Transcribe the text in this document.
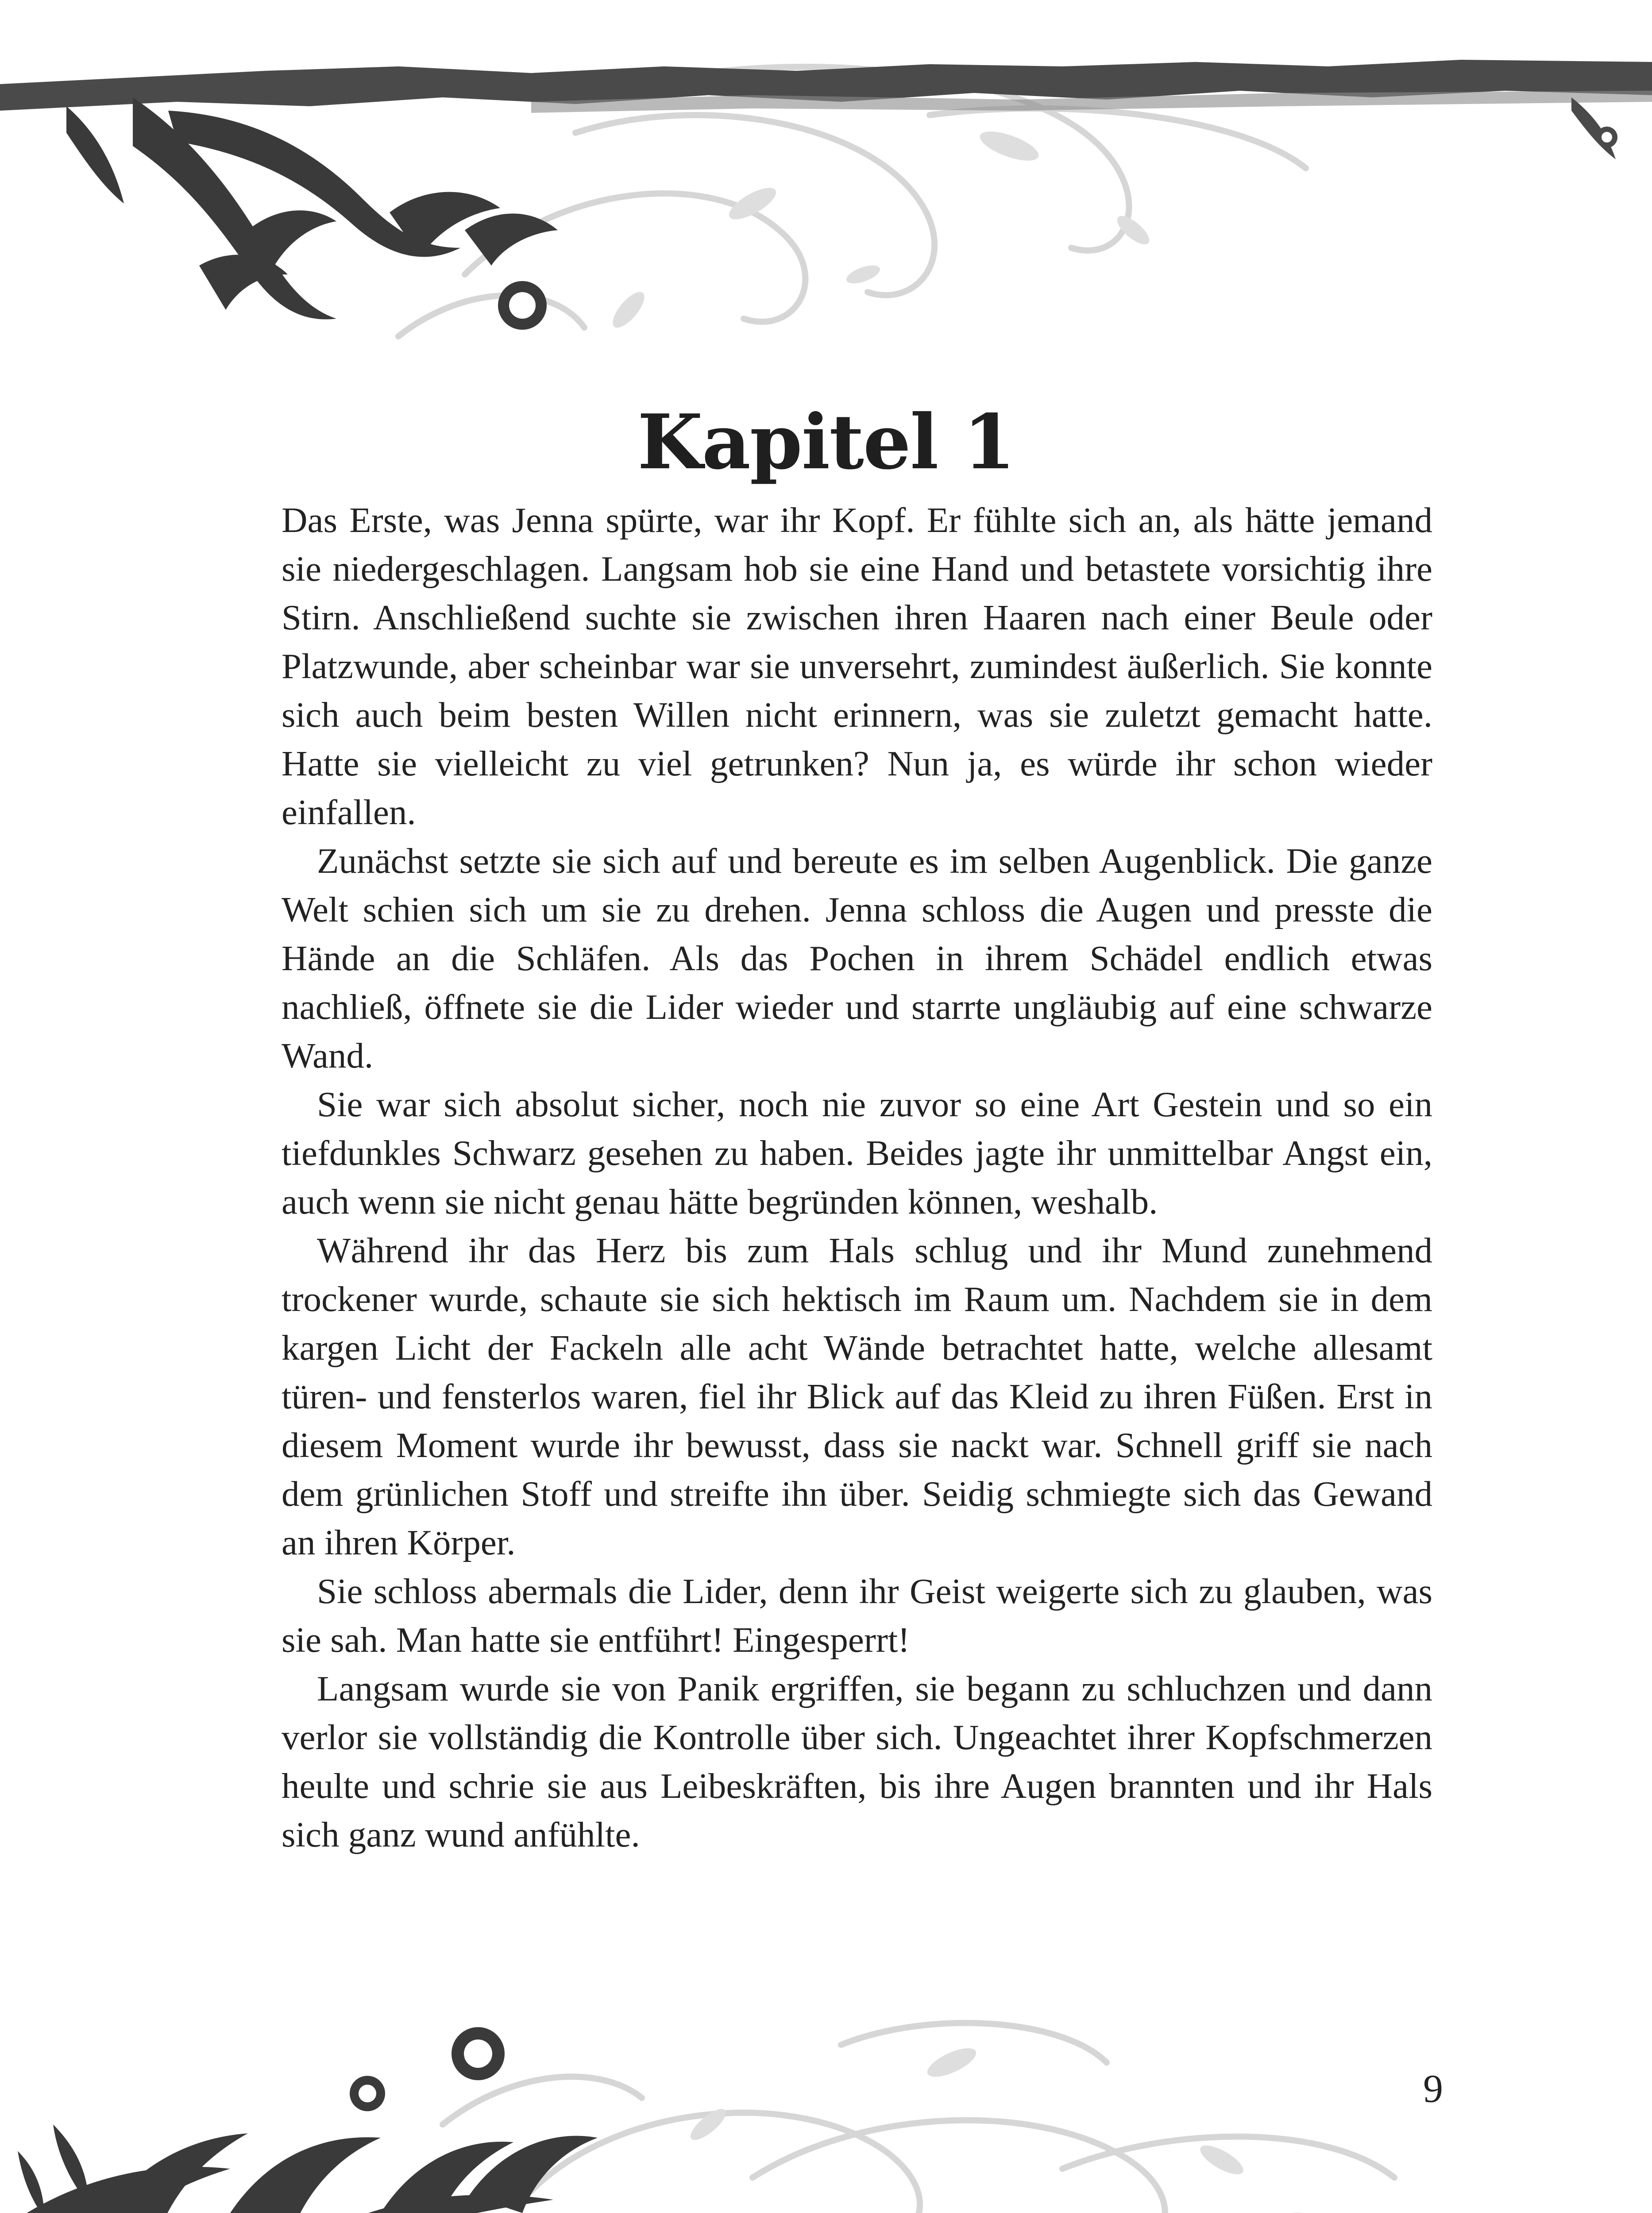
Kapitel 1

Das Erste, was Jenna spürte, war ihr Kopf. Er fühlte sich an, als hätte jemand sie niedergeschlagen. Langsam hob sie eine Hand und betastete vorsichtig ihre Stirn. Anschließend suchte sie zwischen ihren Haaren nach einer Beule oder Platzwunde, aber scheinbar war sie unversehrt, zumindest äußerlich. Sie konnte sich auch beim besten Willen nicht erinnern, was sie zuletzt gemacht hatte. Hatte sie vielleicht zu viel getrunken? Nun ja, es würde ihr schon wieder einfallen.

Zunächst setzte sie sich auf und bereute es im selben Augenblick. Die ganze Welt schien sich um sie zu drehen. Jenna schloss die Augen und presste die Hände an die Schläfen. Als das Pochen in ihrem Schädel endlich etwas nachließ, öffnete sie die Lider wieder und starrte ungläubig auf eine schwarze Wand.

Sie war sich absolut sicher, noch nie zuvor so eine Art Gestein und so ein tiefdunkles Schwarz gesehen zu haben. Beides jagte ihr unmittelbar Angst ein, auch wenn sie nicht genau hätte begründen können, weshalb.

Während ihr das Herz bis zum Hals schlug und ihr Mund zunehmend trockener wurde, schaute sie sich hektisch im Raum um. Nachdem sie in dem kargen Licht der Fackeln alle acht Wände betrachtet hatte, welche allesamt türen- und fensterlos waren, fiel ihr Blick auf das Kleid zu ihren Füßen. Erst in diesem Moment wurde ihr bewusst, dass sie nackt war. Schnell griff sie nach dem grünlichen Stoff und streifte ihn über. Seidig schmiegte sich das Gewand an ihren Körper.

Sie schloss abermals die Lider, denn ihr Geist weigerte sich zu glauben, was sie sah. Man hatte sie entführt! Eingesperrt!

Langsam wurde sie von Panik ergriffen, sie begann zu schluchzen und dann verlor sie vollständig die Kontrolle über sich. Ungeachtet ihrer Kopfschmerzen heulte und schrie sie aus Leibeskräften, bis ihre Augen brannten und ihr Hals sich ganz wund anfühlte.

9
